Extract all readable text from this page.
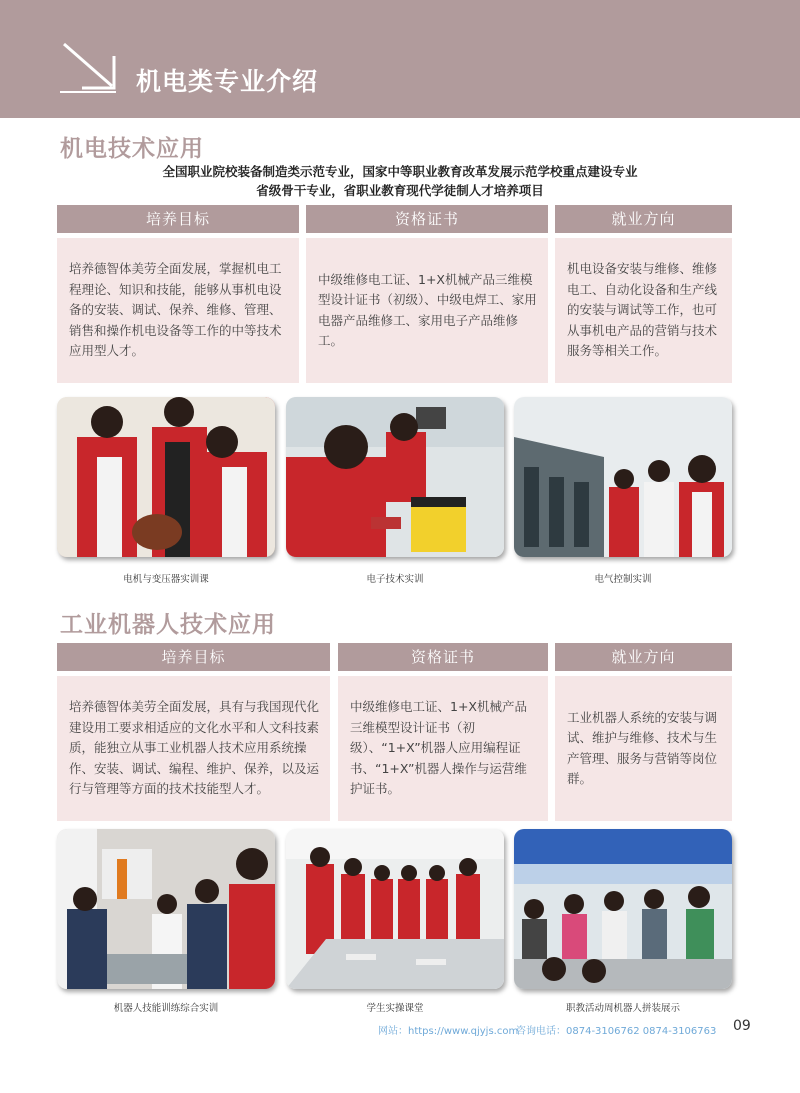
机电类专业介绍
机电技术应用
全国职业院校装备制造类示范专业，国家中等职业教育改革发展示范学校重点建设专业
省级骨干专业，省职业教育现代学徒制人才培养项目
培养目标	资格证书	就业方向
培养德智体美劳全面发展，掌握机电工程理论、知识和技能，能够从事机电设备的安装、调试、保养、维修、管理、销售和操作机电设备等工作的中等技术应用型人才。
中级维修电工证、1+X机械产品三维模型设计证书（初级）、中级电焊工、家用电器产品维修工、家用电子产品维修工。
机电设备安装与维修、维修电工、自动化设备和生产线的安装与调试等工作，也可从事机电产品的营销与技术服务等相关工作。
电机与变压器实训课	电子技术实训	电气控制实训
工业机器人技术应用
培养目标	资格证书	就业方向
培养德智体美劳全面发展，具有与我国现代化建设用工要求相适应的文化水平和人文科技素质，能独立从事工业机器人技术应用系统操作、安装、调试、编程、维护、保养，以及运行与管理等方面的技术技能型人才。
中级维修电工证、1+X机械产品三维模型设计证书（初级）、“1+X”机器人应用编程证书、“1+X”机器人操作与运营维护证书。
工业机器人系统的安装与调试、维护与维修、技术与生产管理、服务与营销等岗位群。
机器人技能训练综合实训	学生实操课堂	职教活动周机器人拼装展示
网站：https://www.qjyjs.com
咨询电话：0874-3106762 0874-3106763 09
